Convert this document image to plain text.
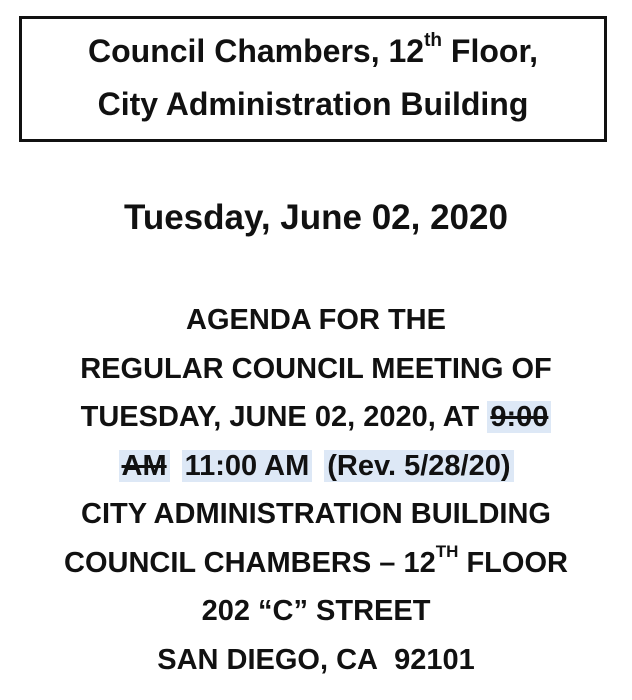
Council Chambers, 12th Floor,
City Administration Building
Tuesday, June 02, 2020
AGENDA FOR THE
REGULAR COUNCIL MEETING OF
TUESDAY, JUNE 02, 2020, AT 9:00
AM 11:00 AM (Rev. 5/28/20)
CITY ADMINISTRATION BUILDING
COUNCIL CHAMBERS – 12TH FLOOR
202 “C” STREET
SAN DIEGO, CA  92101
